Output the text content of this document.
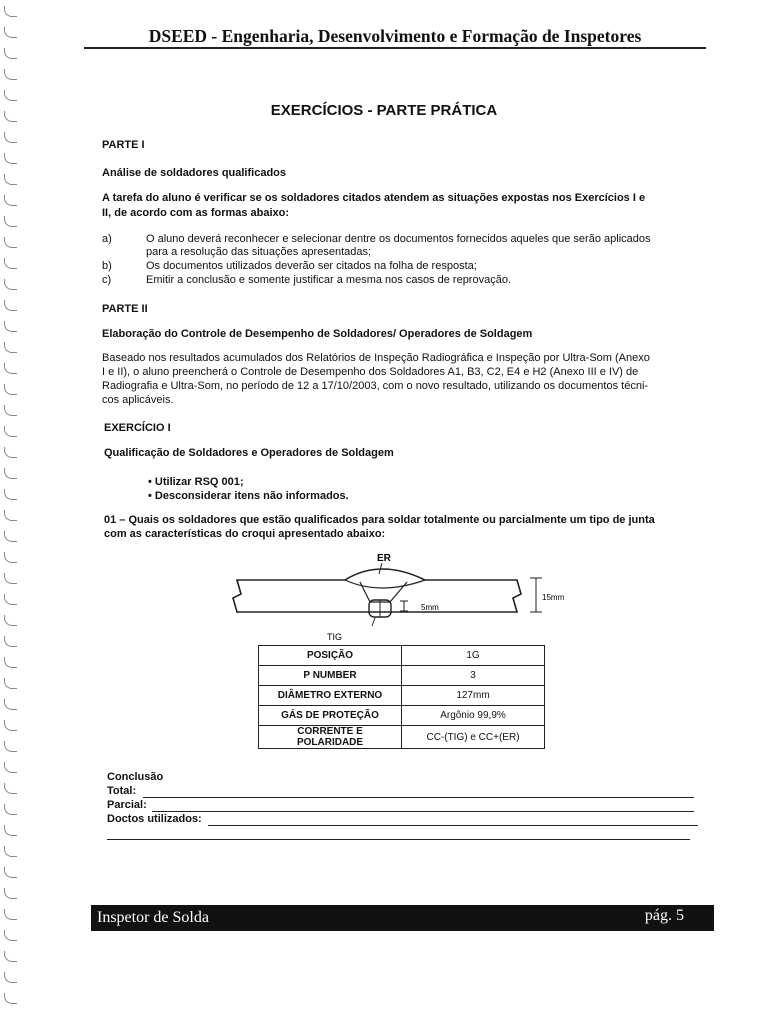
DSEED - Engenharia, Desenvolvimento e Formação de Inspetores
EXERCÍCIOS - PARTE PRÁTICA
PARTE I
Análise de soldadores qualificados
A tarefa do aluno é verificar se os soldadores citados atendem as situações expostas nos Exercícios I e
II, de acordo com as formas abaixo:
a)	O aluno deverá reconhecer e selecionar dentre os documentos fornecidos aqueles que serão aplicados
para a resolução das situações apresentadas;
b)	Os documentos utilizados deverão ser citados na folha de resposta;
c)	Emitir a conclusão e somente justificar a mesma nos casos de reprovação.
PARTE II
Elaboração do Controle de Desempenho de Soldadores/ Operadores de Soldagem
Baseado nos resultados acumulados dos Relatórios de Inspeção Radiográfica e Inspeção por Ultra-Som (Anexo
I e II), o aluno preencherá o Controle de Desempenho dos Soldadores A1, B3, C2, E4 e H2 (Anexo III e IV) de
Radiografia e Ultra-Som, no período de 12 a 17/10/2003, com o novo resultado, utilizando os documentos técni-
cos aplicáveis.
EXERCÍCIO I
Qualificação de Soldadores e Operadores de Soldagem
• Utilizar RSQ 001;
• Desconsiderar itens não informados.
01 – Quais os soldadores que estão qualificados para soldar totalmente ou parcialmente um tipo de junta
com as características do croqui apresentado abaixo:
ER
5mm
15mm
TIG
POSIÇÃO	1G
P NUMBER	3
DIÂMETRO EXTERNO	127mm
GÁS DE PROTEÇÃO	Argônio 99,9%
CORRENTE E POLARIDADE	CC-(TIG) e CC+(ER)
Conclusão
Total:
Parcial:
Doctos utilizados:
Inspetor de Solda	pág. 5
